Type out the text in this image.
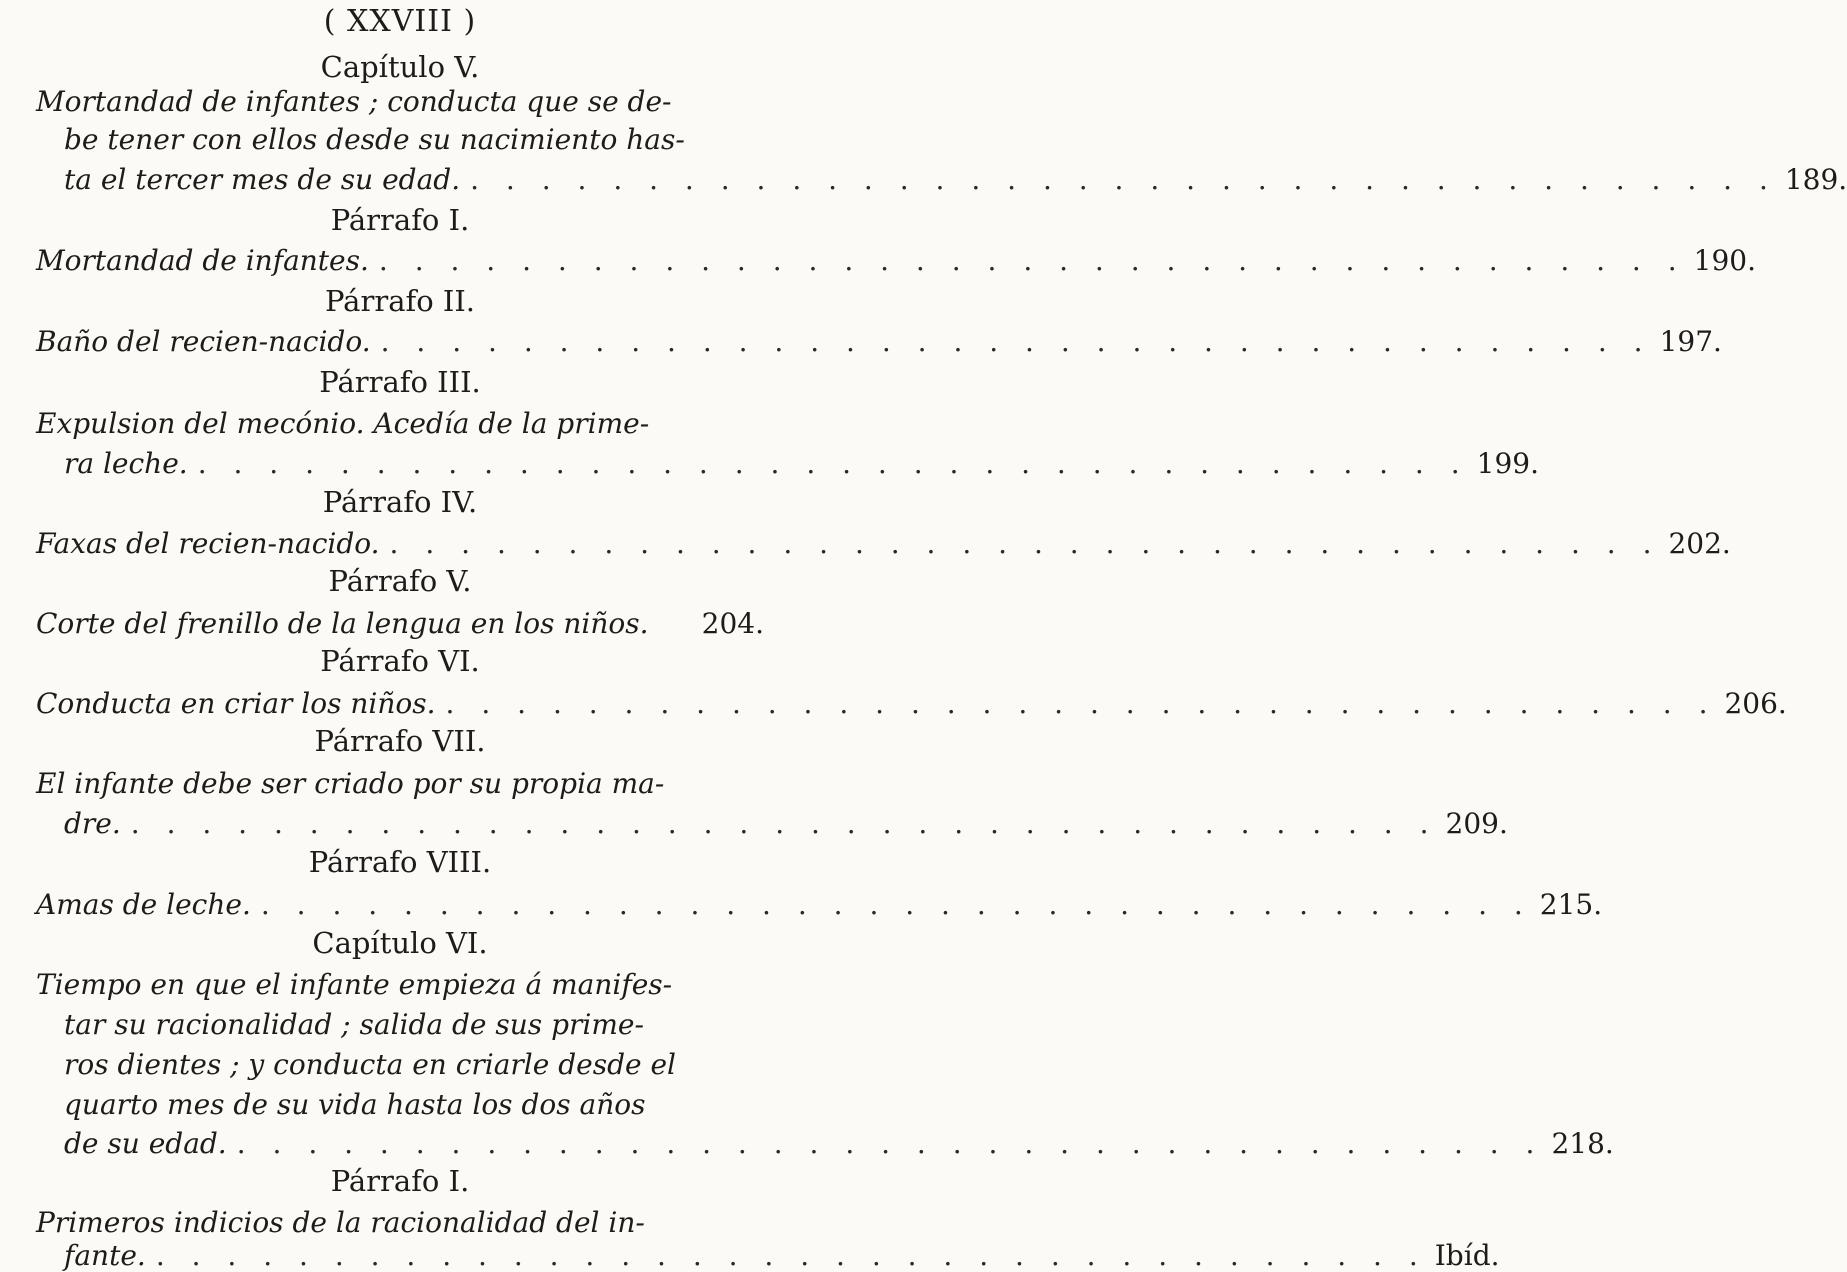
( XXVIII )
Capítulo V.
Mortandad de infantes ; conducta que se de-
be tener con ellos desde su nacimiento has-
ta el tercer mes de su edad. . . . . . . . . . . . . . . . . . . . . . . . . . . . . . . . . . . . . . 189.
Párrafo I.
Mortandad de infantes. . . . . . . . . . . . . . . . . . . . . . . . . . . . . . . . . . . . . . 190.
Párrafo II.
Baño del recien-nacido. . . . . . . . . . . . . . . . . . . . . . . . . . . . . . . . . . . . . 197.
Párrafo III.
Expulsion del mecónio. Acedía de la prime-
ra leche. . . . . . . . . . . . . . . . . . . . . . . . . . . . . . . . . . . . . 199.
Párrafo IV.
Faxas del recien-nacido. . . . . . . . . . . . . . . . . . . . . . . . . . . . . . . . . . . . . 202.
Párrafo V.
Corte del frenillo de la lengua en los niños. 204.
Párrafo VI.
Conducta en criar los niños. . . . . . . . . . . . . . . . . . . . . . . . . . . . . . . . . . . . . 206.
Párrafo VII.
El infante debe ser criado por su propia ma-
dre. . . . . . . . . . . . . . . . . . . . . . . . . . . . . . . . . . . . . . 209.
Párrafo VIII.
Amas de leche. . . . . . . . . . . . . . . . . . . . . . . . . . . . . . . . . . . . . 215.
Capítulo VI.
Tiempo en que el infante empieza á manifes-
tar su racionalidad ; salida de sus prime-
ros dientes ; y conducta en criarle desde el
quarto mes de su vida hasta los dos años
de su edad. . . . . . . . . . . . . . . . . . . . . . . . . . . . . . . . . . . . . . 218.
Párrafo I.
Primeros indicios de la racionalidad del in-
fante. . . . . . . . . . . . . . . . . . . . . . . . . . . . . . . . . . . . . Ibíd.
